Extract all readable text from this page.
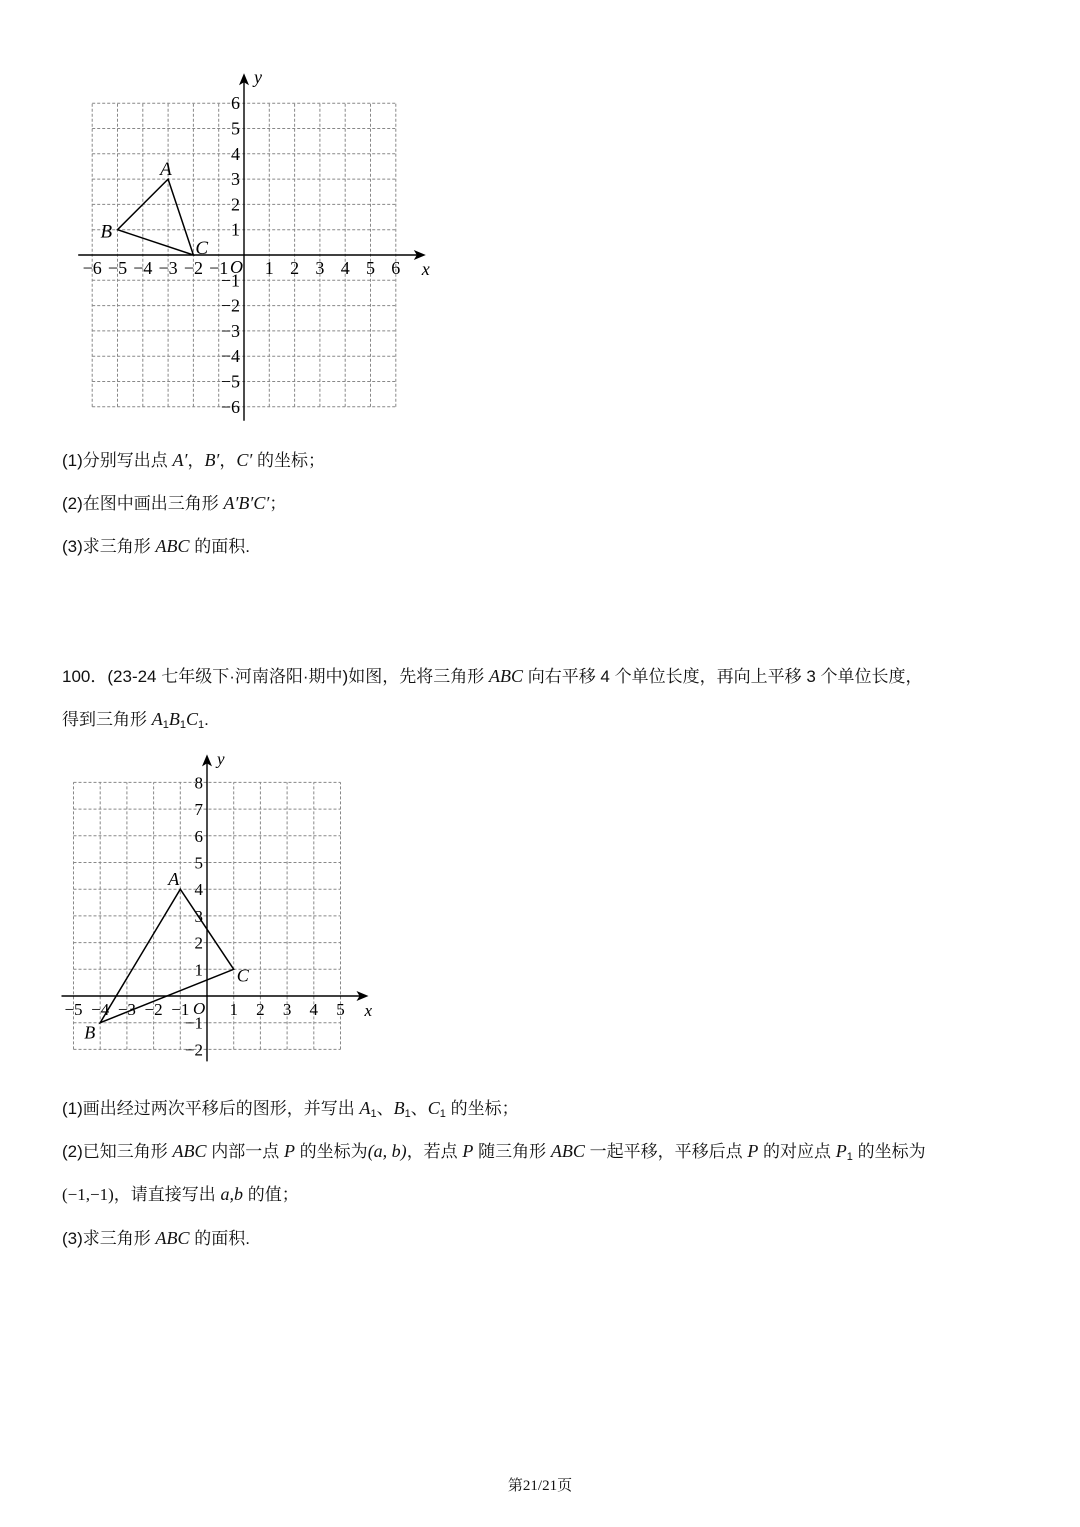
x
y
O
−6 −5 −4 −3 −2 −1 1 2 3 4 5 6
6
5
4
3
2
1
−1
−2
−3
−4
−5
−6
A
B
C
(1)分别写出点 A′，B′，C′ 的坐标；
(2)在图中画出三角形 A′B′C′；
(3)求三角形 ABC 的面积.
100．(23-24 七年级下·河南洛阳·期中)如图，先将三角形 ABC 向右平移 4 个单位长度，再向上平移 3 个单位长度，
得到三角形 $A_1B_1C_1$.
x
y
O
−5 −4 −3 −2 −1 1 2 3 4 5
8
7
6
5
4
3
2
1
−1
−2
A
B
C
(1)画出经过两次平移后的图形，并写出 $A_1$、$B_1$、$C_1$ 的坐标；
(2)已知三角形 ABC 内部一点 P 的坐标为(a, b)，若点 P 随三角形 ABC 一起平移，平移后点 P 的对应点 $P_1$ 的坐标为
(−1,−1)，请直接写出 a,b 的值；
(3)求三角形 ABC 的面积.
第21/21页
